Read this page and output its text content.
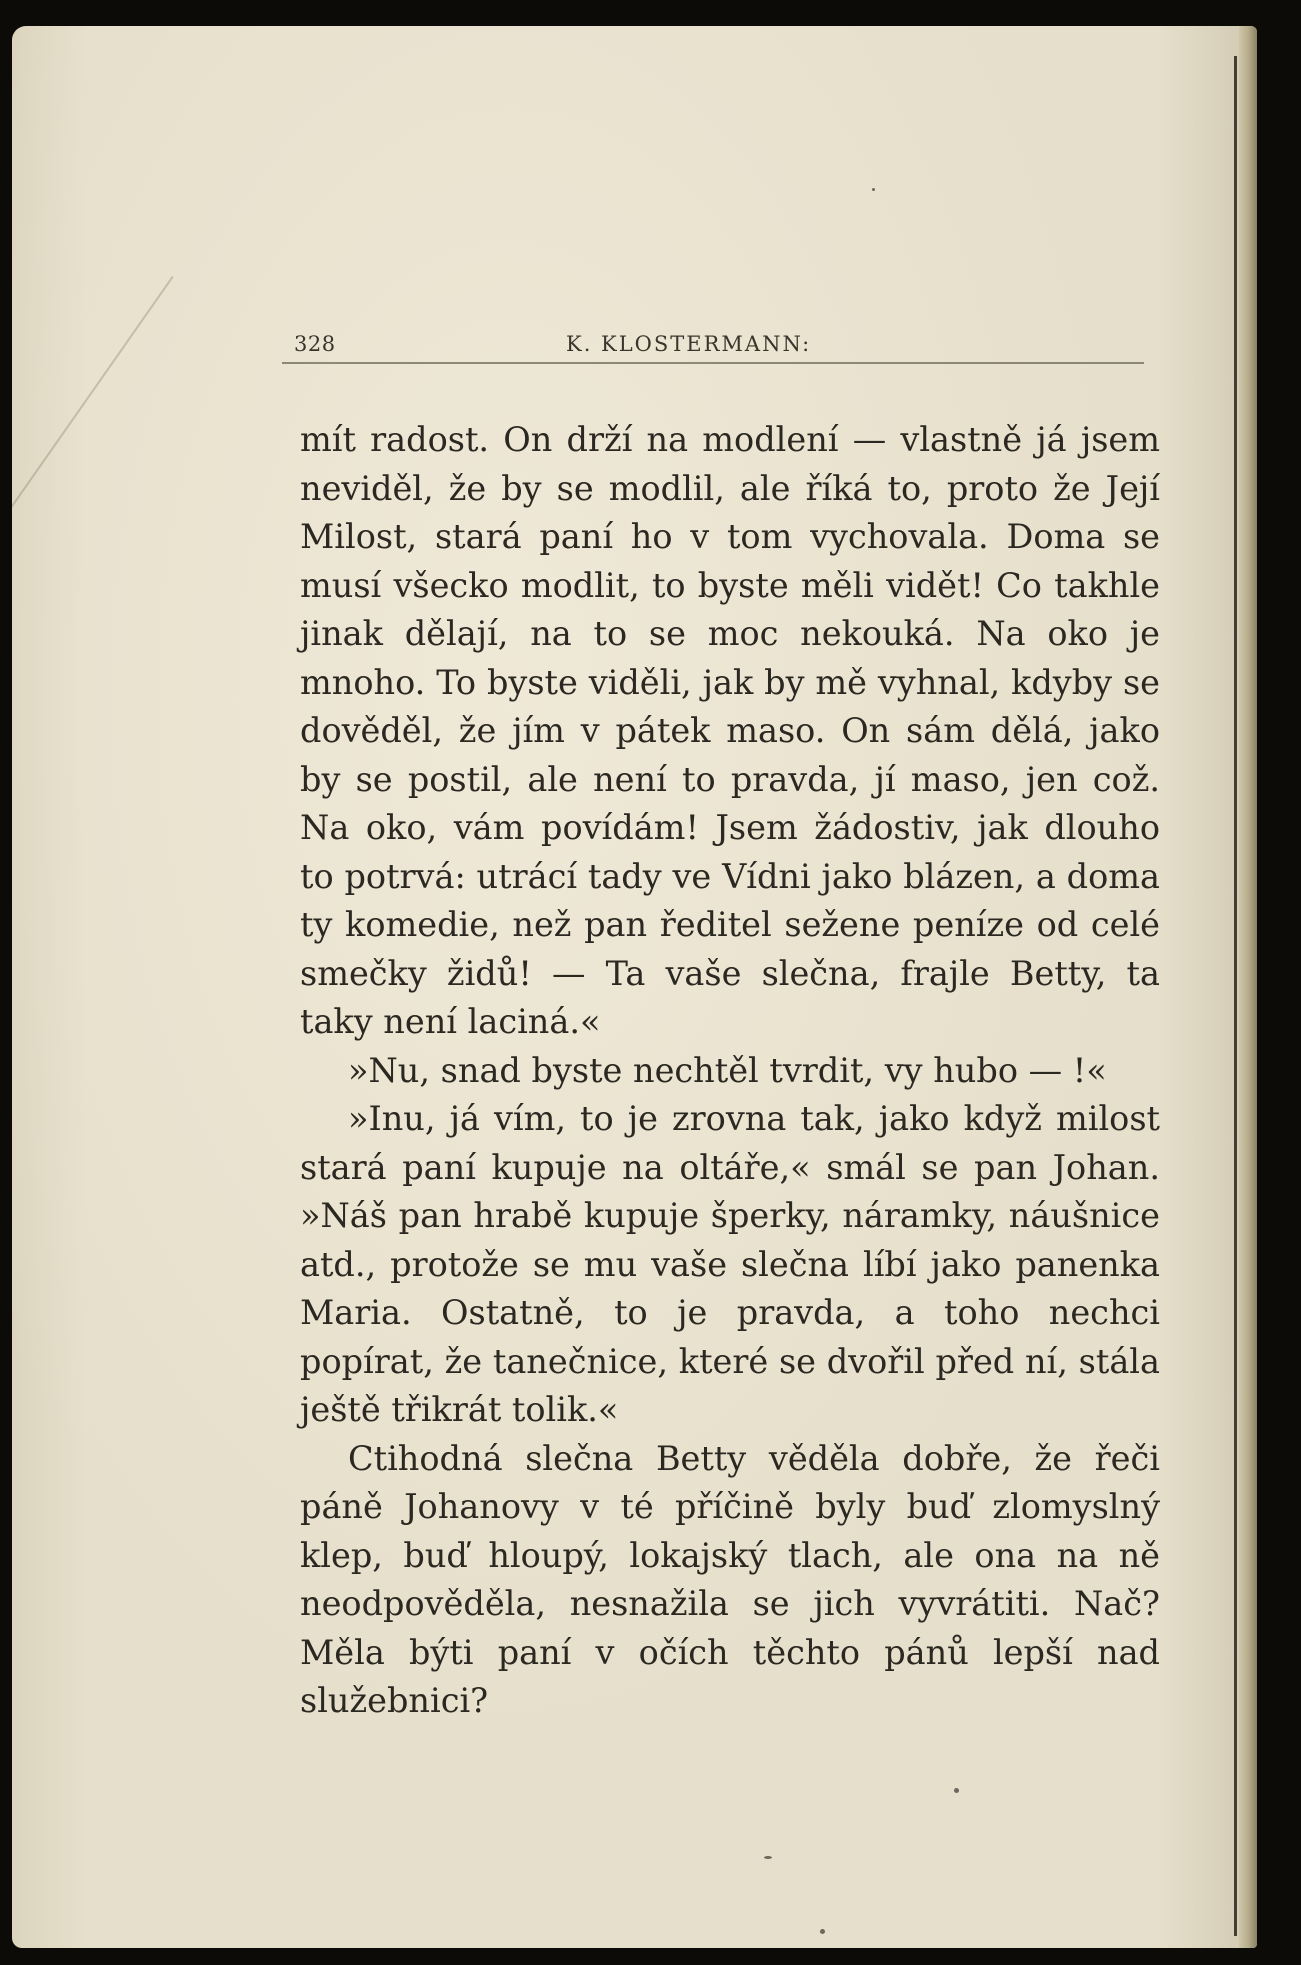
328	K. KLOSTERMANN:

mít radost. On drží na modlení — vlastně já jsem neviděl, že by se modlil, ale říká to, proto že Její Milost, stará paní ho v tom vychovala. Doma se musí všecko modlit, to byste měli vidět! Co takhle jinak dělají, na to se moc nekouká. Na oko je mnoho. To byste viděli, jak by mě vyhnal, kdyby se dověděl, že jím v pátek maso. On sám dělá, jako by se postil, ale není to pravda, jí maso, jen což. Na oko, vám povídám! Jsem žádostiv, jak dlouho to potrvá: utrácí tady ve Vídni jako blázen, a doma ty komedie, než pan ředitel sežene peníze od celé smečky židů! — Ta vaše slečna, frajle Betty, ta taky není laciná.«

»Nu, snad byste nechtěl tvrdit, vy hubo — !«

»Inu, já vím, to je zrovna tak, jako když milost stará paní kupuje na oltáře,« smál se pan Johan. »Náš pan hrabě kupuje šperky, náramky, náušnice atd., protože se mu vaše slečna líbí jako panenka Maria. Ostatně, to je pravda, a toho nechci popírat, že tanečnice, které se dvořil před ní, stála ještě třikrát tolik.«

Ctihodná slečna Betty věděla dobře, že řeči páně Johanovy v té příčině byly buď zlomyslný klep, buď hloupý, lokajský tlach, ale ona na ně neodpověděla, nesnažila se jich vyvrátiti. Nač? Měla býti paní v očích těchto pánů lepší nad služebnici?
